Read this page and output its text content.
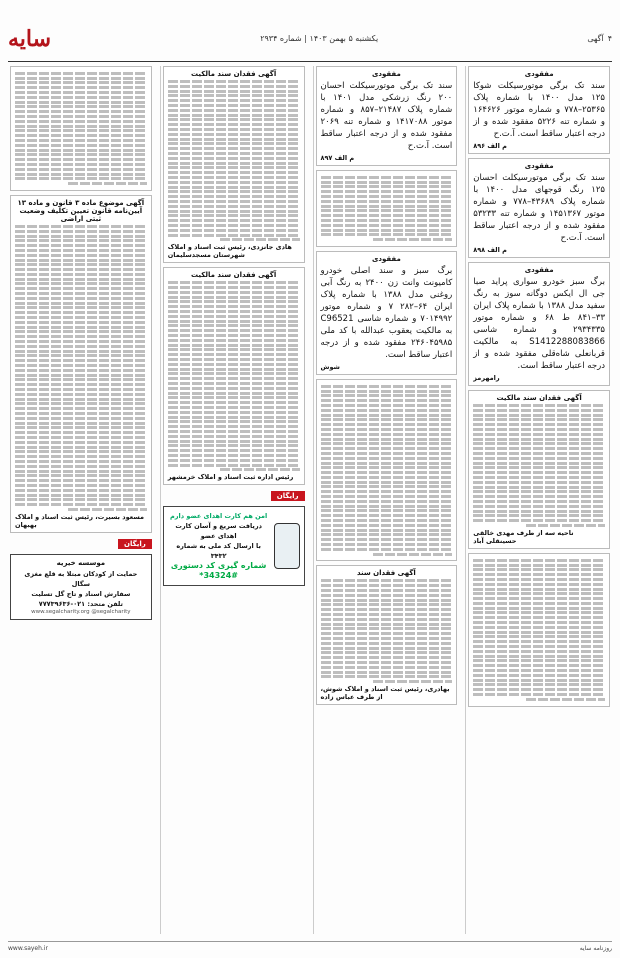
۴
آگهی
یکشنبه ۵ بهمن ۱۴۰۳ | شماره ۲۹۳۴
سایه
مفقودی
سند تک برگی موتورسیکلت شوکا ۱۲۵ مدل ۱۴۰۰ با شماره پلاک ۲۵۳۶۵–۷۷۸ و شماره موتور ۱۶۴۶۲۶ و شماره تنه ۵۲۲۶ مفقود شده و از درجه اعتبار ساقط است. آ.ت.ح
م الف ۸۹۶
مفقودی
سند تک برگی موتورسیکلت احسان ۱۲۵ رنگ قوجهای مدل ۱۴۰۰ با شماره پلاک ۴۳۶۸۹–۷۷۸ و شماره موتور ۱۴۵۱۳۶۷ و شماره تنه ۵۳۲۳۳ مفقود شده و از درجه اعتبار ساقط است. آ.ت.ح
م الف ۸۹۸
مفقودی
برگ سبز خودرو سواری پراید صبا جی ال ایکس دوگانه سوز به رنگ سفید مدل ۱۳۸۸ با شماره پلاک ایران ۳۳–۸۴۱ ط ۶۸ و شماره موتور ۲۹۳۴۳۳۵ و شماره شاسی S1412288083866 به مالکیت قربانعلی شاه‌قلی مفقود شده و از درجه اعتبار ساقط است.
رامهرمز
آگهی فقدان سند مالکیت
ناحیه سه از طرف مهدی خالقی حسینقلی آباد
مفقودی
سند تک برگی موتورسیکلت احسان ۲۰۰ رنگ زرشکی مدل ۱۴۰۱ با شماره پلاک ۲۱۴۸۷–۸۵۷ و شماره موتور ۱۴۱۷۰۸۸ و شماره تنه ۲۰۶۹ مفقود شده و از درجه اعتبار ساقط است. آ.ت.ح
م الف ۸۹۷
مفقودی
برگ سبز و سند اصلی خودرو کامیونت وانت زن ۲۴۰۰ به رنگ آبی روغنی مدل ۱۳۸۸ با شماره پلاک ایران ۶۴–۲۸۲ ۷ و شماره موتور ۷۰۱۴۹۹۲ و شماره شاسی C96521 به مالکیت یعقوب عبدالله با کد ملی ۲۴۶۰۴۵۹۸۵ مفقود شده و از درجه اعتبار ساقط است.
شوش
آگهی فقدان سند
بهادری، رئیس ثبت اسناد و املاک شوش، از طرف عباس زاده
آگهی فقدان سند مالکیت
هادی جانزدی، رئیس ثبت اسناد و املاک شهرستان مسجدسلیمان
آگهی فقدان سند مالکیت
رئیس اداره ثبت اسناد و املاک خرمشهر
رایگان
امن هم کارت اهدای عضو دارم
دریافت سریع و آسان کارت اهدای عضو
با ارسال کد ملی به شماره ۳۴۳۲
شماره گیری کد دستوری #34324*
آگهی موضوع ماده ۳ قانون و ماده ۱۳ آیین‌نامه قانون تعیین تکلیف وضعیت ثبتی اراضی
مسعود بسیرت، رئیس ثبت اسناد و املاک بهبهان
رایگان
موسسه خیریه
حمایت از کودکان مبتلا به قلع مغزی
سگال
سفارش اسناد و تاج گل تسلیت
تلفن متحد: ۰۲۱-۷۷۷۳۹۶۳۶
www.segalcharity.org @segalcharity
روزنامه سایه
www.sayeh.ir
